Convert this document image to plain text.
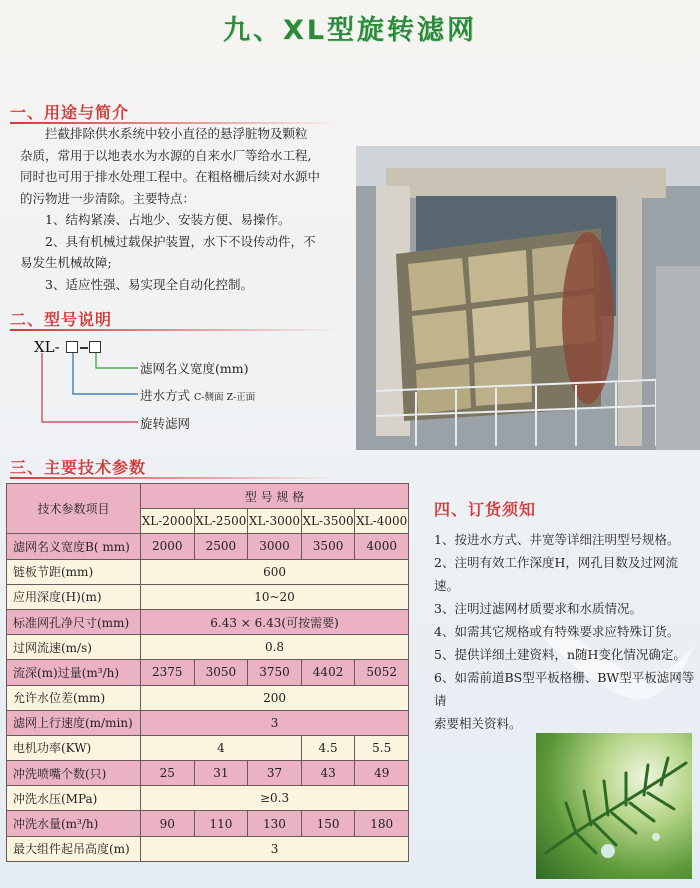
九、XL型旋转滤网
一、用途与简介

拦截排除供水系统中较小直径的悬浮脏物及颗粒

杂质，常用于以地表水为水源的自来水厂等给水工程,

同时也可用于排水处理工程中。在粗格栅后续对水源中

的污物进一步清除。主要特点：

1、结构紧凑、占地少、安装方便、易操作。

2、具有机械过载保护装置，水下不设传动件，不

易发生机械故障;

3、适应性强、易实现全自动化控制。

二、型号说明
XL-
滤网名义宽度(mm)
进水方式 C-侧面 Z-正面
旋转滤网
三、主要技术参数
技术参数项目	型 号 规 格				
	XL-2000	XL-2500	XL-3000	XL-3500	XL-4000
滤网名义宽度B( mm)	2000	2500	3000	3500	4000
链板节距(mm)	600				
应用深度(H)(m)	10~20				
标准网孔净尺寸(mm)	6.43 × 6.43(可按需要)				
过网流速(m/s)	0.8				
流深(m)过量(m³/h)	2375	3050	3750	4402	5052
允许水位差(mm)	200				
滤网上行速度(m/min)	3				
电机功率(KW)	4			4.5	5.5
冲洗喷嘴个数(只)	25	31	37	43	49
冲洗水压(MPa)	≥0.3				
冲洗水量(m³/h)	90	110	130	150	180
最大组件起吊高度(m)	3				
四、订货须知

1、按进水方式、井宽等详细注明型号规格。

2、注明有效工作深度H，网孔目数及过网流速。

3、注明过滤网材质要求和水质情况。

4、如需其它规格或有特殊要求应特殊订货。

5、提供详细土建资料，n随H变化情况确定。

6、如需前道BS型平板格栅、BW型平板滤网等请

索要相关资料。
